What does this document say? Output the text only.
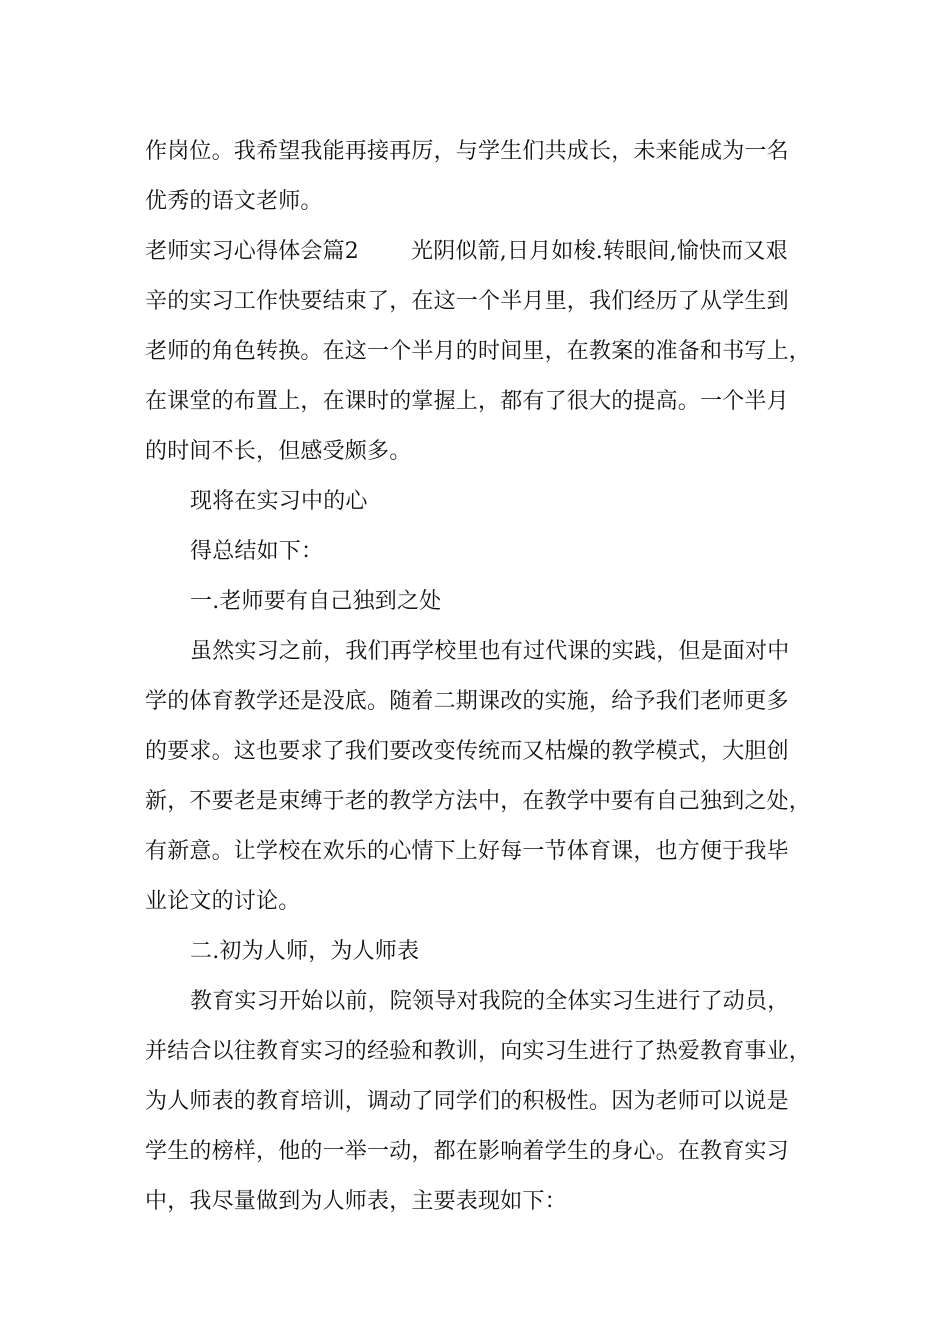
作岗位。我希望我能再接再厉，与学生们共成长，未来能成为一名
优秀的语文老师。
老师实习心得体会篇2 光阴似箭,日月如梭.转眼间,愉快而又艰
辛的实习工作快要结束了，在这一个半月里，我们经历了从学生到
老师的角色转换。在这一个半月的时间里，在教案的准备和书写上，
在课堂的布置上，在课时的掌握上，都有了很大的提高。一个半月
的时间不长，但感受颇多。
现将在实习中的心
得总结如下：
一.老师要有自己独到之处
虽然实习之前，我们再学校里也有过代课的实践，但是面对中
学的体育教学还是没底。随着二期课改的实施，给予我们老师更多
的要求。这也要求了我们要改变传统而又枯燥的教学模式，大胆创
新，不要老是束缚于老的教学方法中，在教学中要有自己独到之处，
有新意。让学校在欢乐的心情下上好每一节体育课，也方便于我毕
业论文的讨论。
二.初为人师，为人师表
教育实习开始以前，院领导对我院的全体实习生进行了动员，
并结合以往教育实习的经验和教训，向实习生进行了热爱教育事业，
为人师表的教育培训，调动了同学们的积极性。因为老师可以说是
学生的榜样，他的一举一动，都在影响着学生的身心。在教育实习
中，我尽量做到为人师表，主要表现如下：
